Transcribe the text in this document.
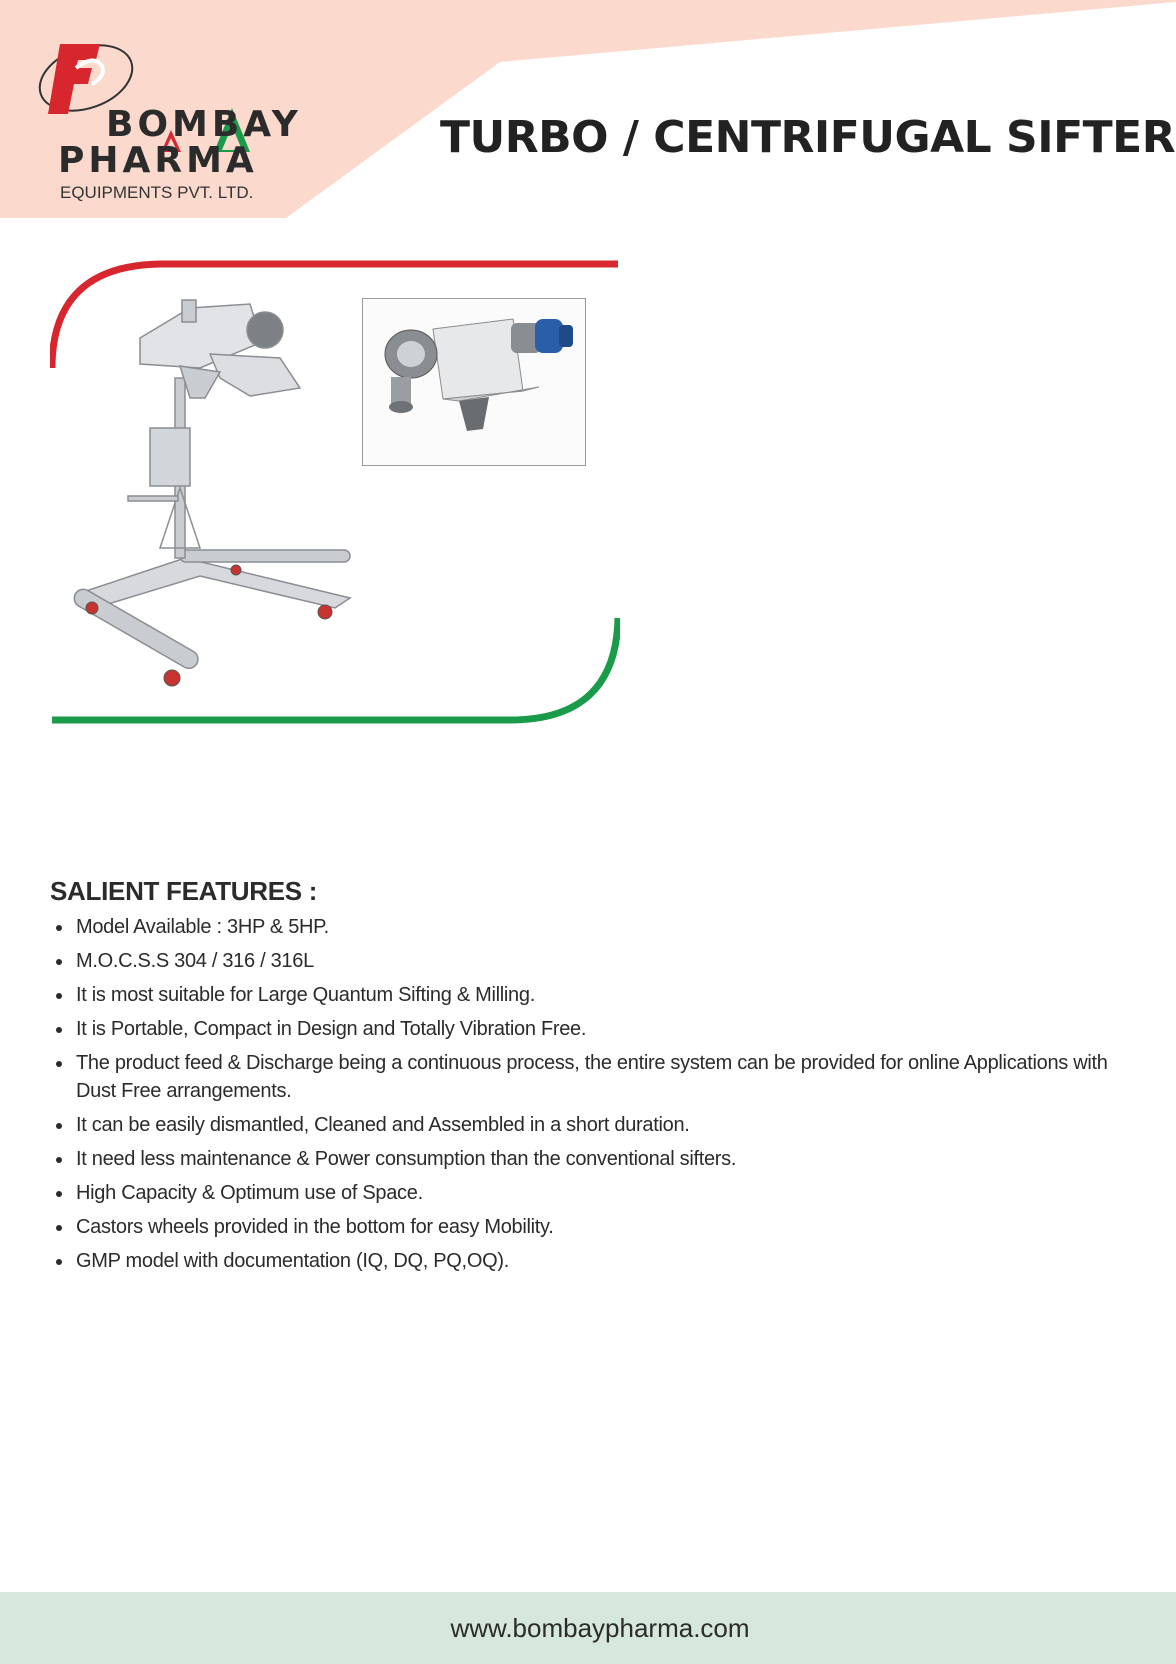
BOMBAY

PHARMA

EQUIPMENTS PVT. LTD.
TURBO / CENTRIFUGAL SIFTER
SALIENT FEATURES :
Model Available : 3HP & 5HP.
M.O.C.S.S 304 / 316 / 316L
It is most suitable for Large Quantum Sifting & Milling.
It is Portable, Compact in Design and Totally Vibration Free.
The product feed & Discharge being a continuous process, the entire system can be provided for online Applications with Dust Free arrangements.
It can be easily dismantled, Cleaned and Assembled in a short duration.
It need less maintenance & Power consumption than the conventional sifters.
High Capacity & Optimum use of Space.
Castors wheels provided in the bottom for easy Mobility.
GMP model with documentation (IQ, DQ, PQ,OQ).
www.bombaypharma.com
